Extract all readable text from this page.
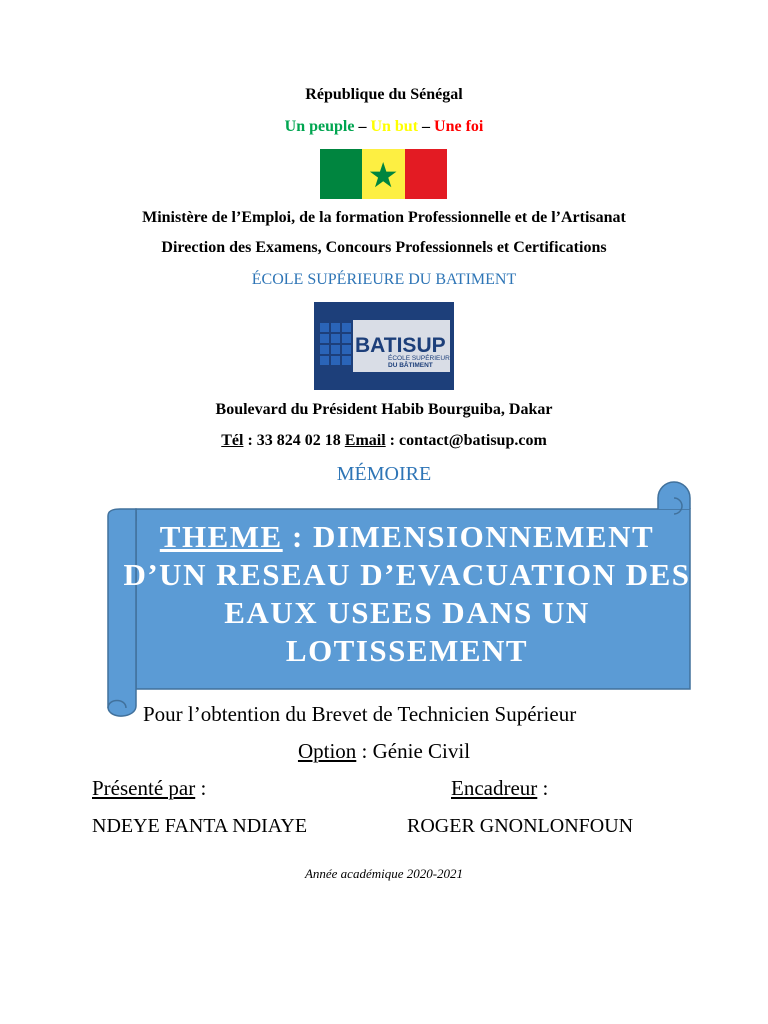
République du Sénégal
Un peuple – Un but – Une foi
Ministère de l’Emploi, de la formation Professionnelle et de l’Artisanat
Direction des Examens, Concours Professionnels et Certifications
ÉCOLE SUPÉRIEURE DU BATIMENT
BATISUP
ÉCOLE SUPÉRIEURE
DU BÂTIMENT
Boulevard du Président Habib Bourguiba, Dakar
Tél : 33 824 02 18 Email : contact@batisup.com
MÉMOIRE
THEME : DIMENSIONNEMENT D’UN RESEAU D’EVACUATION DES EAUX USEES DANS UN LOTISSEMENT
Pour l’obtention du Brevet de Technicien Supérieur
Option : Génie Civil
Présenté par :	Encadreur :
NDEYE FANTA NDIAYE	ROGER GNONLONFOUN
Année académique 2020-2021
